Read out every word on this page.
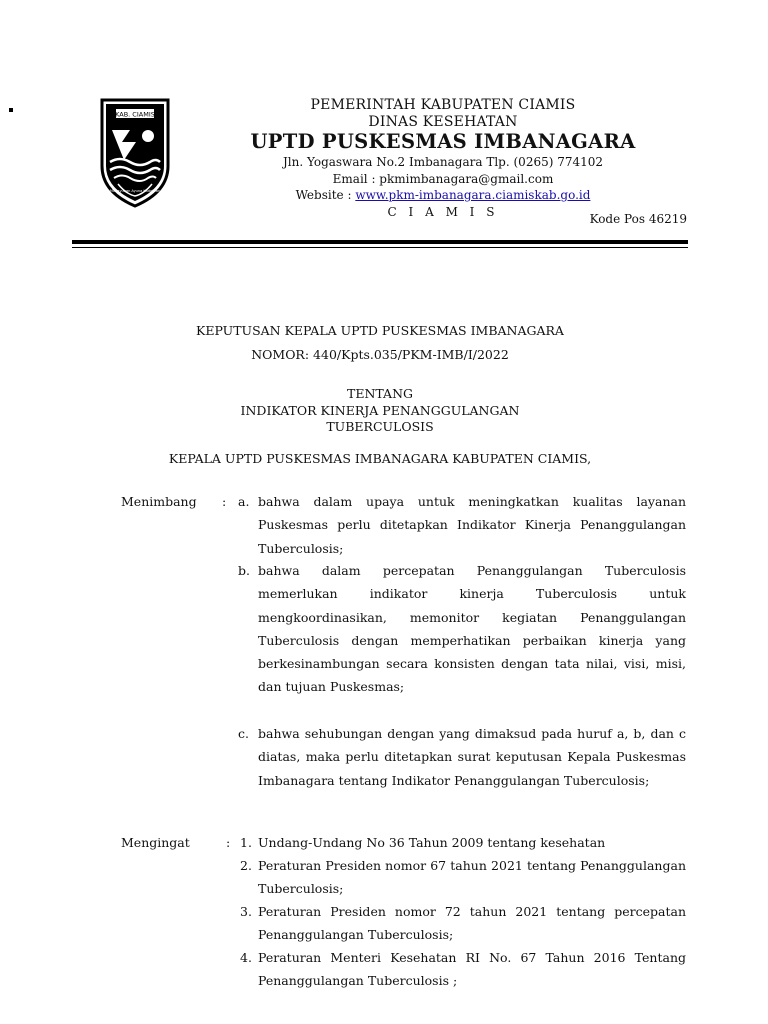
KAB. CIAMIS
Mahayunan Ayuna Kadatuan
PEMERINTAH KABUPATEN CIAMIS
DINAS KESEHATAN
UPTD PUSKESMAS IMBANAGARA
Jln. Yogaswara No.2 Imbanagara Tlp. (0265) 774102
Email : pkmimbanagara@gmail.com
Website : www.pkm-imbanagara.ciamiskab.go.id
C I A M I S
Kode Pos 46219
KEPUTUSAN KEPALA UPTD PUSKESMAS IMBANAGARA
NOMOR: 440/Kpts.035/PKM-IMB/I/2022
TENTANG
INDIKATOR KINERJA PENANGGULANGAN
TUBERCULOSIS
KEPALA UPTD PUSKESMAS IMBANAGARA KABUPATEN CIAMIS,
Menimbang : a. bahwa dalam upaya untuk meningkatkan kualitas layanan Puskesmas perlu ditetapkan Indikator Kinerja Penanggulangan Tuberculosis;
b. bahwa dalam percepatan Penanggulangan Tuberculosis memerlukan indikator kinerja Tuberculosis untuk mengkoordinasikan, memonitor kegiatan Penanggulangan Tuberculosis dengan memperhatikan perbaikan kinerja yang berkesinambungan secara konsisten dengan tata nilai, visi, misi, dan tujuan Puskesmas;
c. bahwa sehubungan dengan yang dimaksud pada huruf a, b, dan c diatas, maka perlu ditetapkan surat keputusan Kepala Puskesmas Imbanagara tentang Indikator Penanggulangan Tuberculosis;
Mengingat	: 1. Undang-Undang No 36 Tahun 2009 tentang kesehatan
2. Peraturan Presiden nomor 67 tahun 2021 tentang Penanggulangan Tuberculosis;
3. Peraturan Presiden nomor 72 tahun 2021 tentang percepatan Penanggulangan Tuberculosis;
4. Peraturan Menteri Kesehatan RI No. 67 Tahun 2016 Tentang Penanggulangan Tuberculosis ;
